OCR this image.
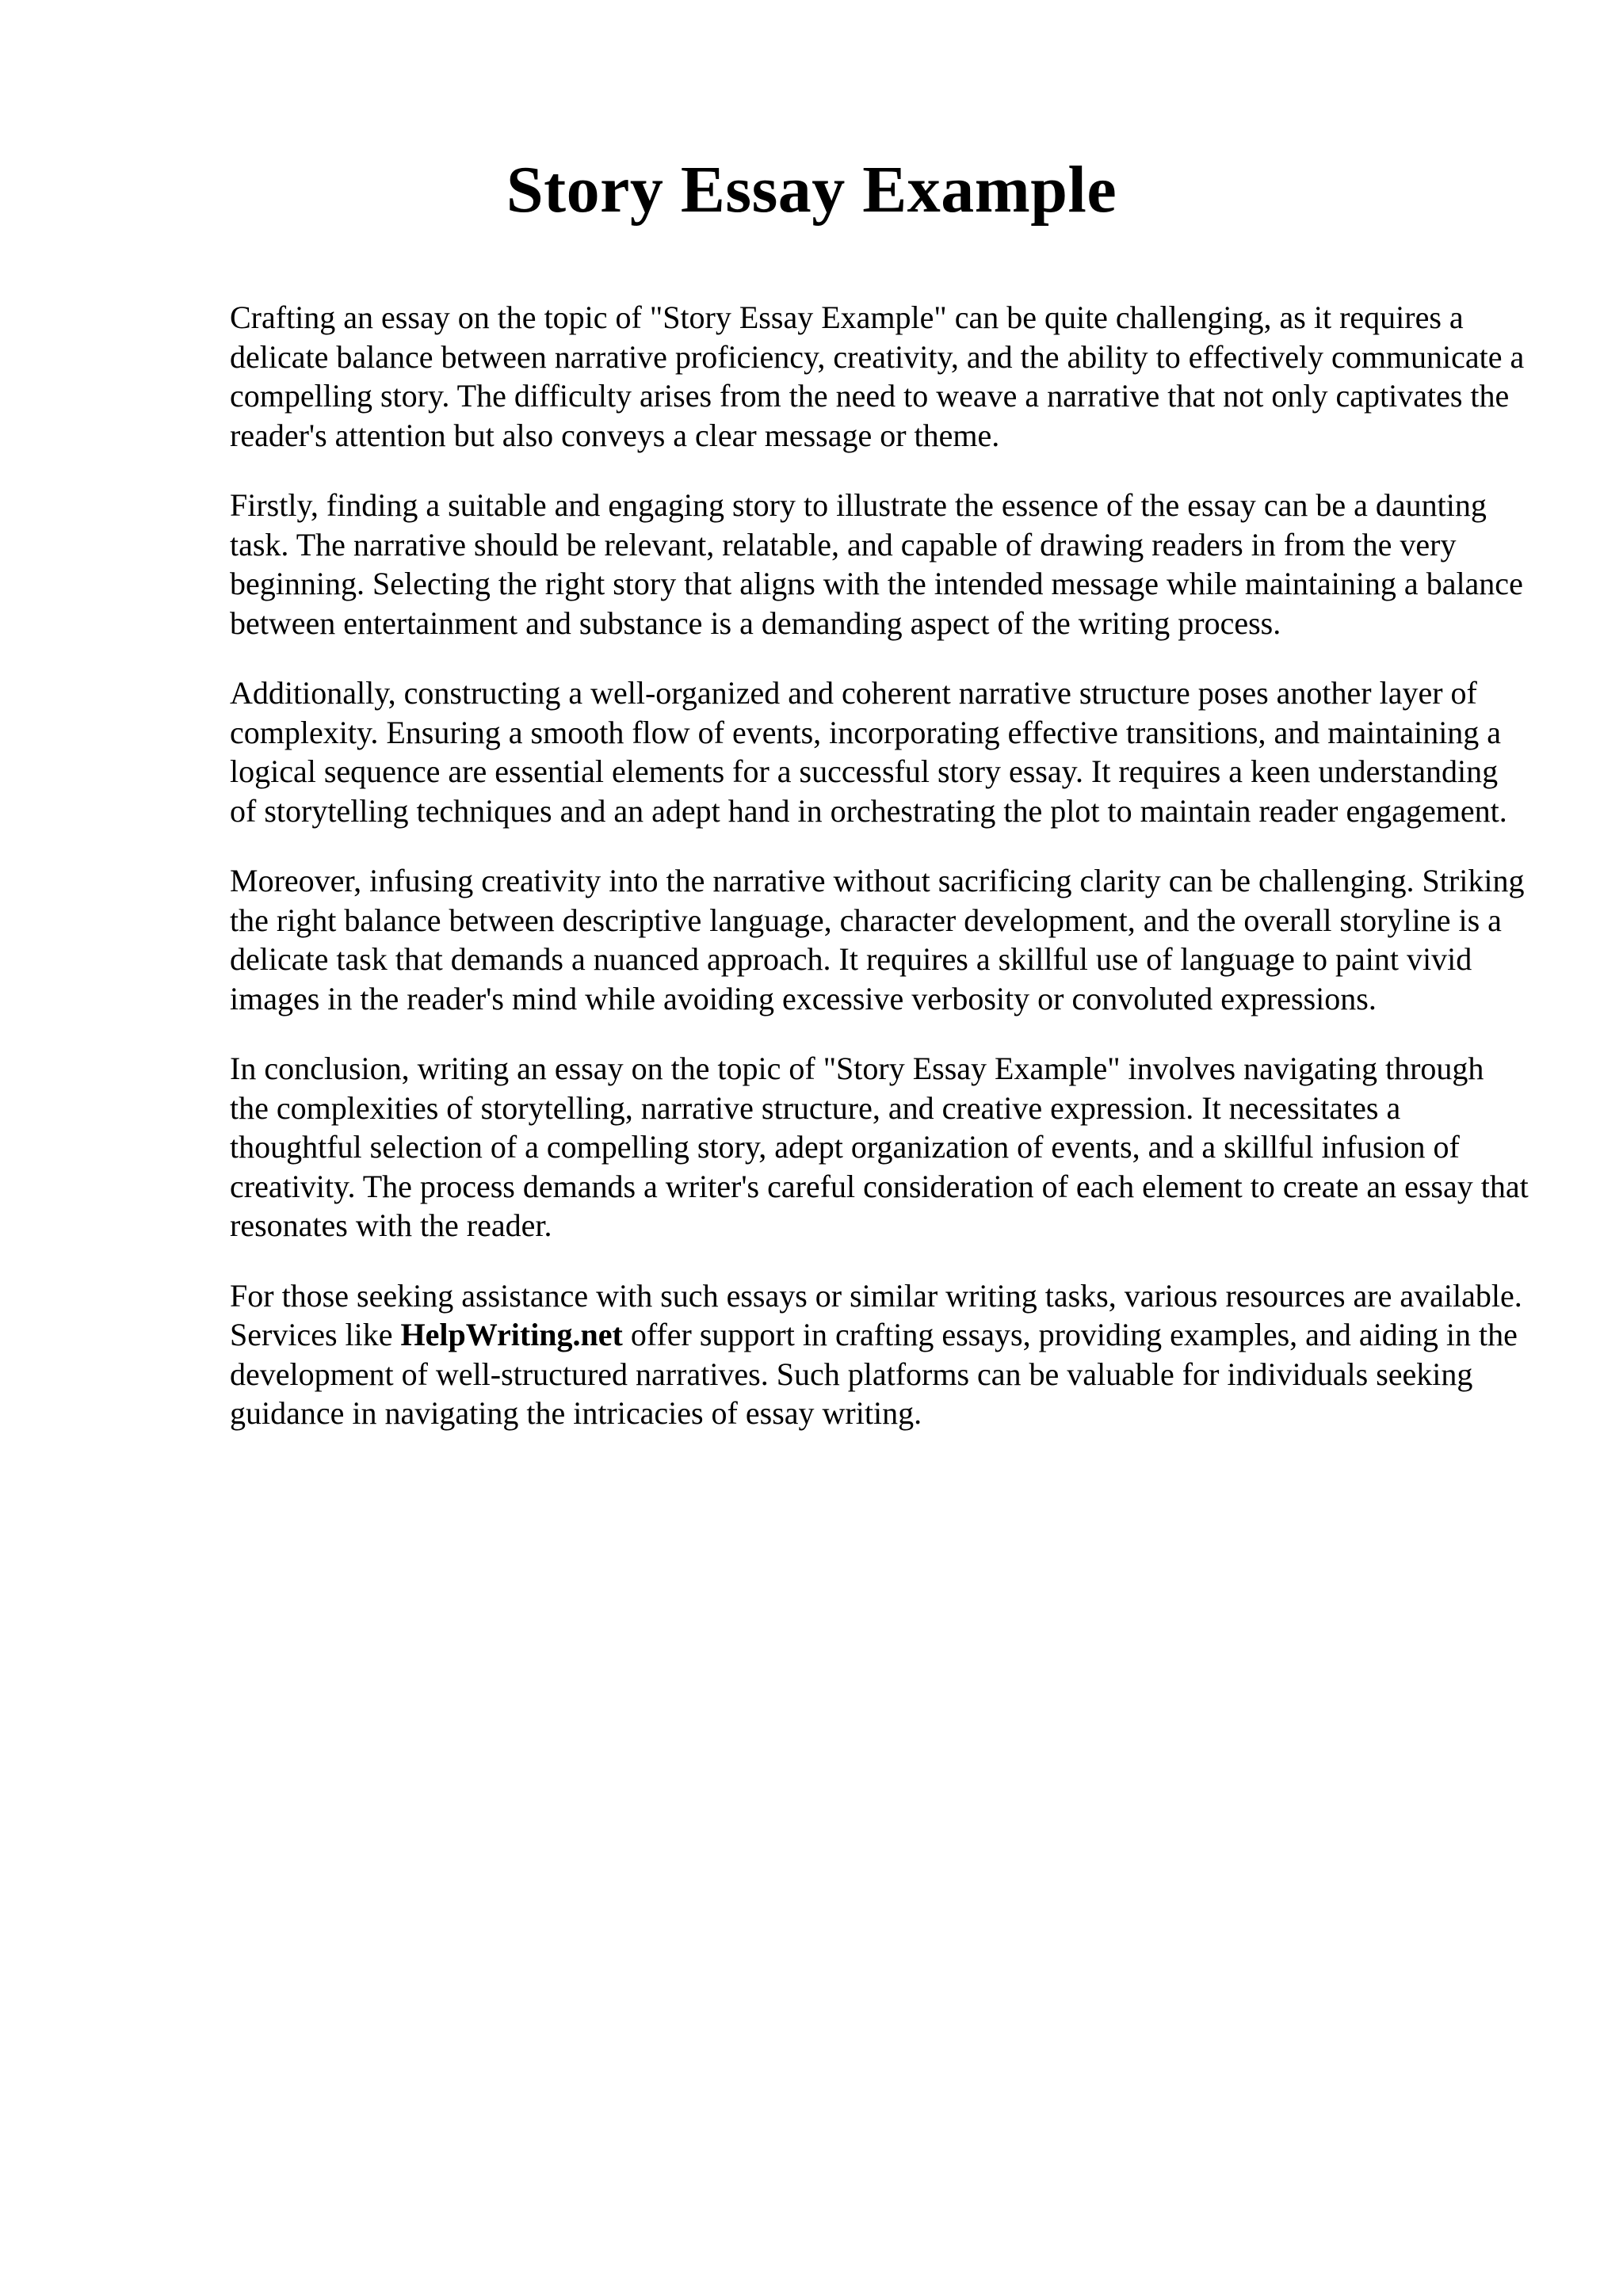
Story Essay Example

Crafting an essay on the topic of "Story Essay Example" can be quite challenging, as it requires a delicate balance between narrative proficiency, creativity, and the ability to effectively communicate a compelling story. The difficulty arises from the need to weave a narrative that not only captivates the reader's attention but also conveys a clear message or theme.

Firstly, finding a suitable and engaging story to illustrate the essence of the essay can be a daunting task. The narrative should be relevant, relatable, and capable of drawing readers in from the very beginning. Selecting the right story that aligns with the intended message while maintaining a balance between entertainment and substance is a demanding aspect of the writing process.

Additionally, constructing a well-organized and coherent narrative structure poses another layer of complexity. Ensuring a smooth flow of events, incorporating effective transitions, and maintaining a logical sequence are essential elements for a successful story essay. It requires a keen understanding of storytelling techniques and an adept hand in orchestrating the plot to maintain reader engagement.

Moreover, infusing creativity into the narrative without sacrificing clarity can be challenging. Striking the right balance between descriptive language, character development, and the overall storyline is a delicate task that demands a nuanced approach. It requires a skillful use of language to paint vivid images in the reader's mind while avoiding excessive verbosity or convoluted expressions.

In conclusion, writing an essay on the topic of "Story Essay Example" involves navigating through the complexities of storytelling, narrative structure, and creative expression. It necessitates a thoughtful selection of a compelling story, adept organization of events, and a skillful infusion of creativity. The process demands a writer's careful consideration of each element to create an essay that resonates with the reader.

For those seeking assistance with such essays or similar writing tasks, various resources are available. Services like HelpWriting.net offer support in crafting essays, providing examples, and aiding in the development of well-structured narratives. Such platforms can be valuable for individuals seeking guidance in navigating the intricacies of essay writing.
